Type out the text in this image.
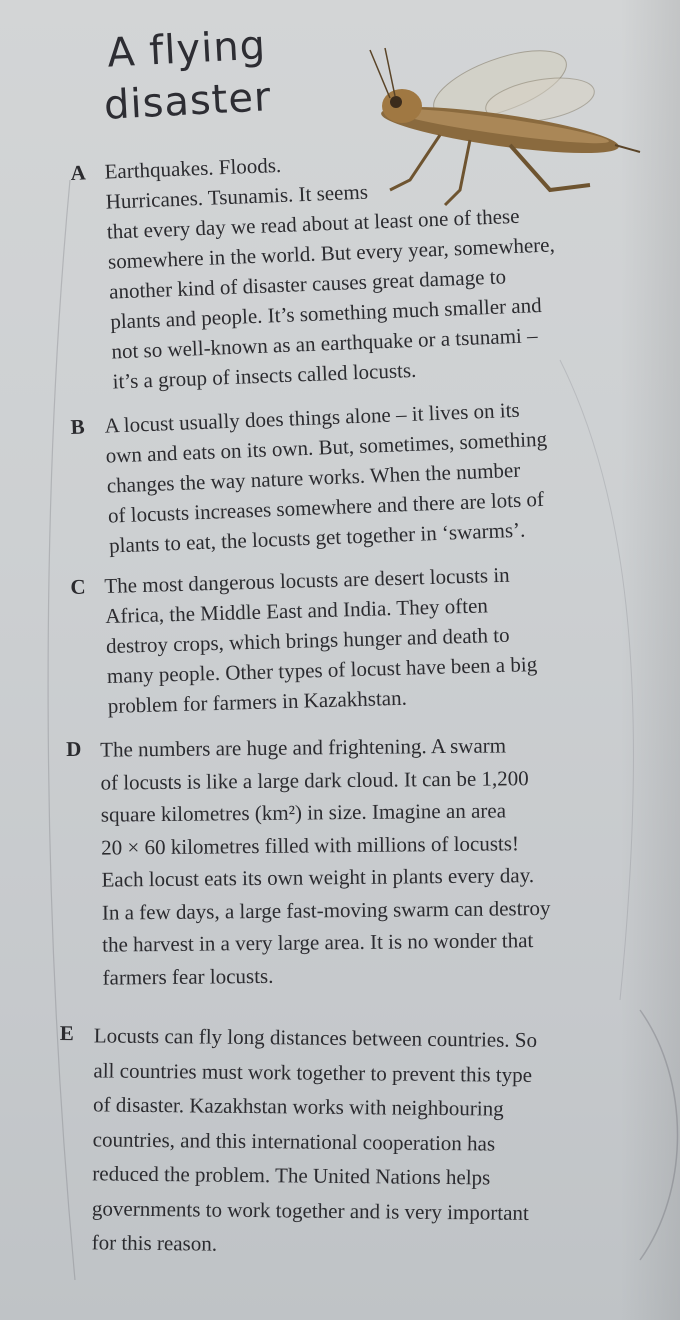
A flying
disaster
A Earthquakes. Floods.
Hurricanes. Tsunamis. It seems
that every day we read about at least one of these
somewhere in the world. But every year, somewhere,
another kind of disaster causes great damage to
plants and people. It’s something much smaller and
not so well-known as an earthquake or a tsunami –
it’s a group of insects called locusts.
B A locust usually does things alone – it lives on its
own and eats on its own. But, sometimes, something
changes the way nature works. When the number
of locusts increases somewhere and there are lots of
plants to eat, the locusts get together in ‘swarms’.
C The most dangerous locusts are desert locusts in
Africa, the Middle East and India. They often
destroy crops, which brings hunger and death to
many people. Other types of locust have been a big
problem for farmers in Kazakhstan.
D The numbers are huge and frightening. A swarm
of locusts is like a large dark cloud. It can be 1,200
square kilometres (km²) in size. Imagine an area
20 × 60 kilometres filled with millions of locusts!
Each locust eats its own weight in plants every day.
In a few days, a large fast-moving swarm can destroy
the harvest in a very large area. It is no wonder that
farmers fear locusts.
E Locusts can fly long distances between countries. So
all countries must work together to prevent this type
of disaster. Kazakhstan works with neighbouring
countries, and this international cooperation has
reduced the problem. The United Nations helps
governments to work together and is very important
for this reason.
